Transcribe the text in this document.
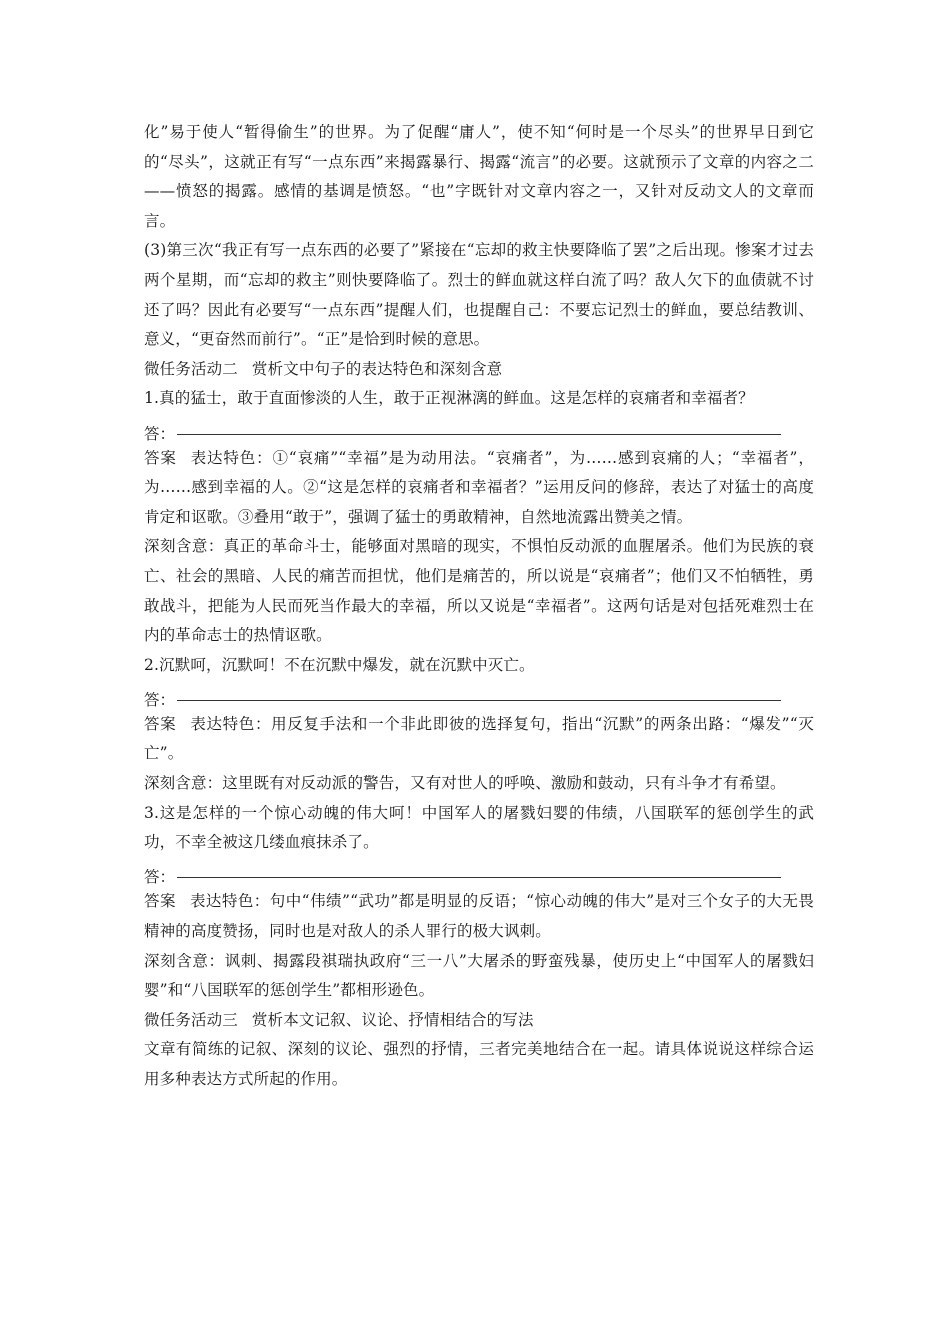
化”易于使人“暂得偷生”的世界。为了促醒“庸人”，使不知“何时是一个尽头”的世界早日到它的“尽头”，这就正有写“一点东西”来揭露暴行、揭露“流言”的必要。这就预示了文章的内容之二——愤怒的揭露。感情的基调是愤怒。“也”字既针对文章内容之一，又针对反动文人的文章而言。

(3)第三次“我正有写一点东西的必要了”紧接在“忘却的救主快要降临了罢”之后出现。惨案才过去两个星期，而“忘却的救主”则快要降临了。烈士的鲜血就这样白流了吗？敌人欠下的血债就不讨还了吗？因此有必要写“一点东西”提醒人们，也提醒自己：不要忘记烈士的鲜血，要总结教训、意义，“更奋然而前行”。“正”是恰到时候的意思。

微任务活动二 赏析文中句子的表达特色和深刻含意

1.真的猛士，敢于直面惨淡的人生，敢于正视淋漓的鲜血。这是怎样的哀痛者和幸福者？

答：

答案 表达特色：①“哀痛”“幸福”是为动用法。“哀痛者”，为……感到哀痛的人；“幸福者”，为……感到幸福的人。②“这是怎样的哀痛者和幸福者？”运用反问的修辞，表达了对猛士的高度肯定和讴歌。③叠用“敢于”，强调了猛士的勇敢精神，自然地流露出赞美之情。

深刻含意：真正的革命斗士，能够面对黑暗的现实，不惧怕反动派的血腥屠杀。他们为民族的衰亡、社会的黑暗、人民的痛苦而担忧，他们是痛苦的，所以说是“哀痛者”；他们又不怕牺牲，勇敢战斗，把能为人民而死当作最大的幸福，所以又说是“幸福者”。这两句话是对包括死难烈士在内的革命志士的热情讴歌。

2.沉默呵，沉默呵！不在沉默中爆发，就在沉默中灭亡。

答：

答案 表达特色：用反复手法和一个非此即彼的选择复句，指出“沉默”的两条出路：“爆发”“灭亡”。

深刻含意：这里既有对反动派的警告，又有对世人的呼唤、激励和鼓动，只有斗争才有希望。

3.这是怎样的一个惊心动魄的伟大呵！中国军人的屠戮妇婴的伟绩，八国联军的惩创学生的武功，不幸全被这几缕血痕抹杀了。

答：

答案 表达特色：句中“伟绩”“武功”都是明显的反语；“惊心动魄的伟大”是对三个女子的大无畏精神的高度赞扬，同时也是对敌人的杀人罪行的极大讽刺。

深刻含意：讽刺、揭露段祺瑞执政府“三一八”大屠杀的野蛮残暴，使历史上“中国军人的屠戮妇婴”和“八国联军的惩创学生”都相形逊色。

微任务活动三 赏析本文记叙、议论、抒情相结合的写法

文章有简练的记叙、深刻的议论、强烈的抒情，三者完美地结合在一起。请具体说说这样综合运用多种表达方式所起的作用。
